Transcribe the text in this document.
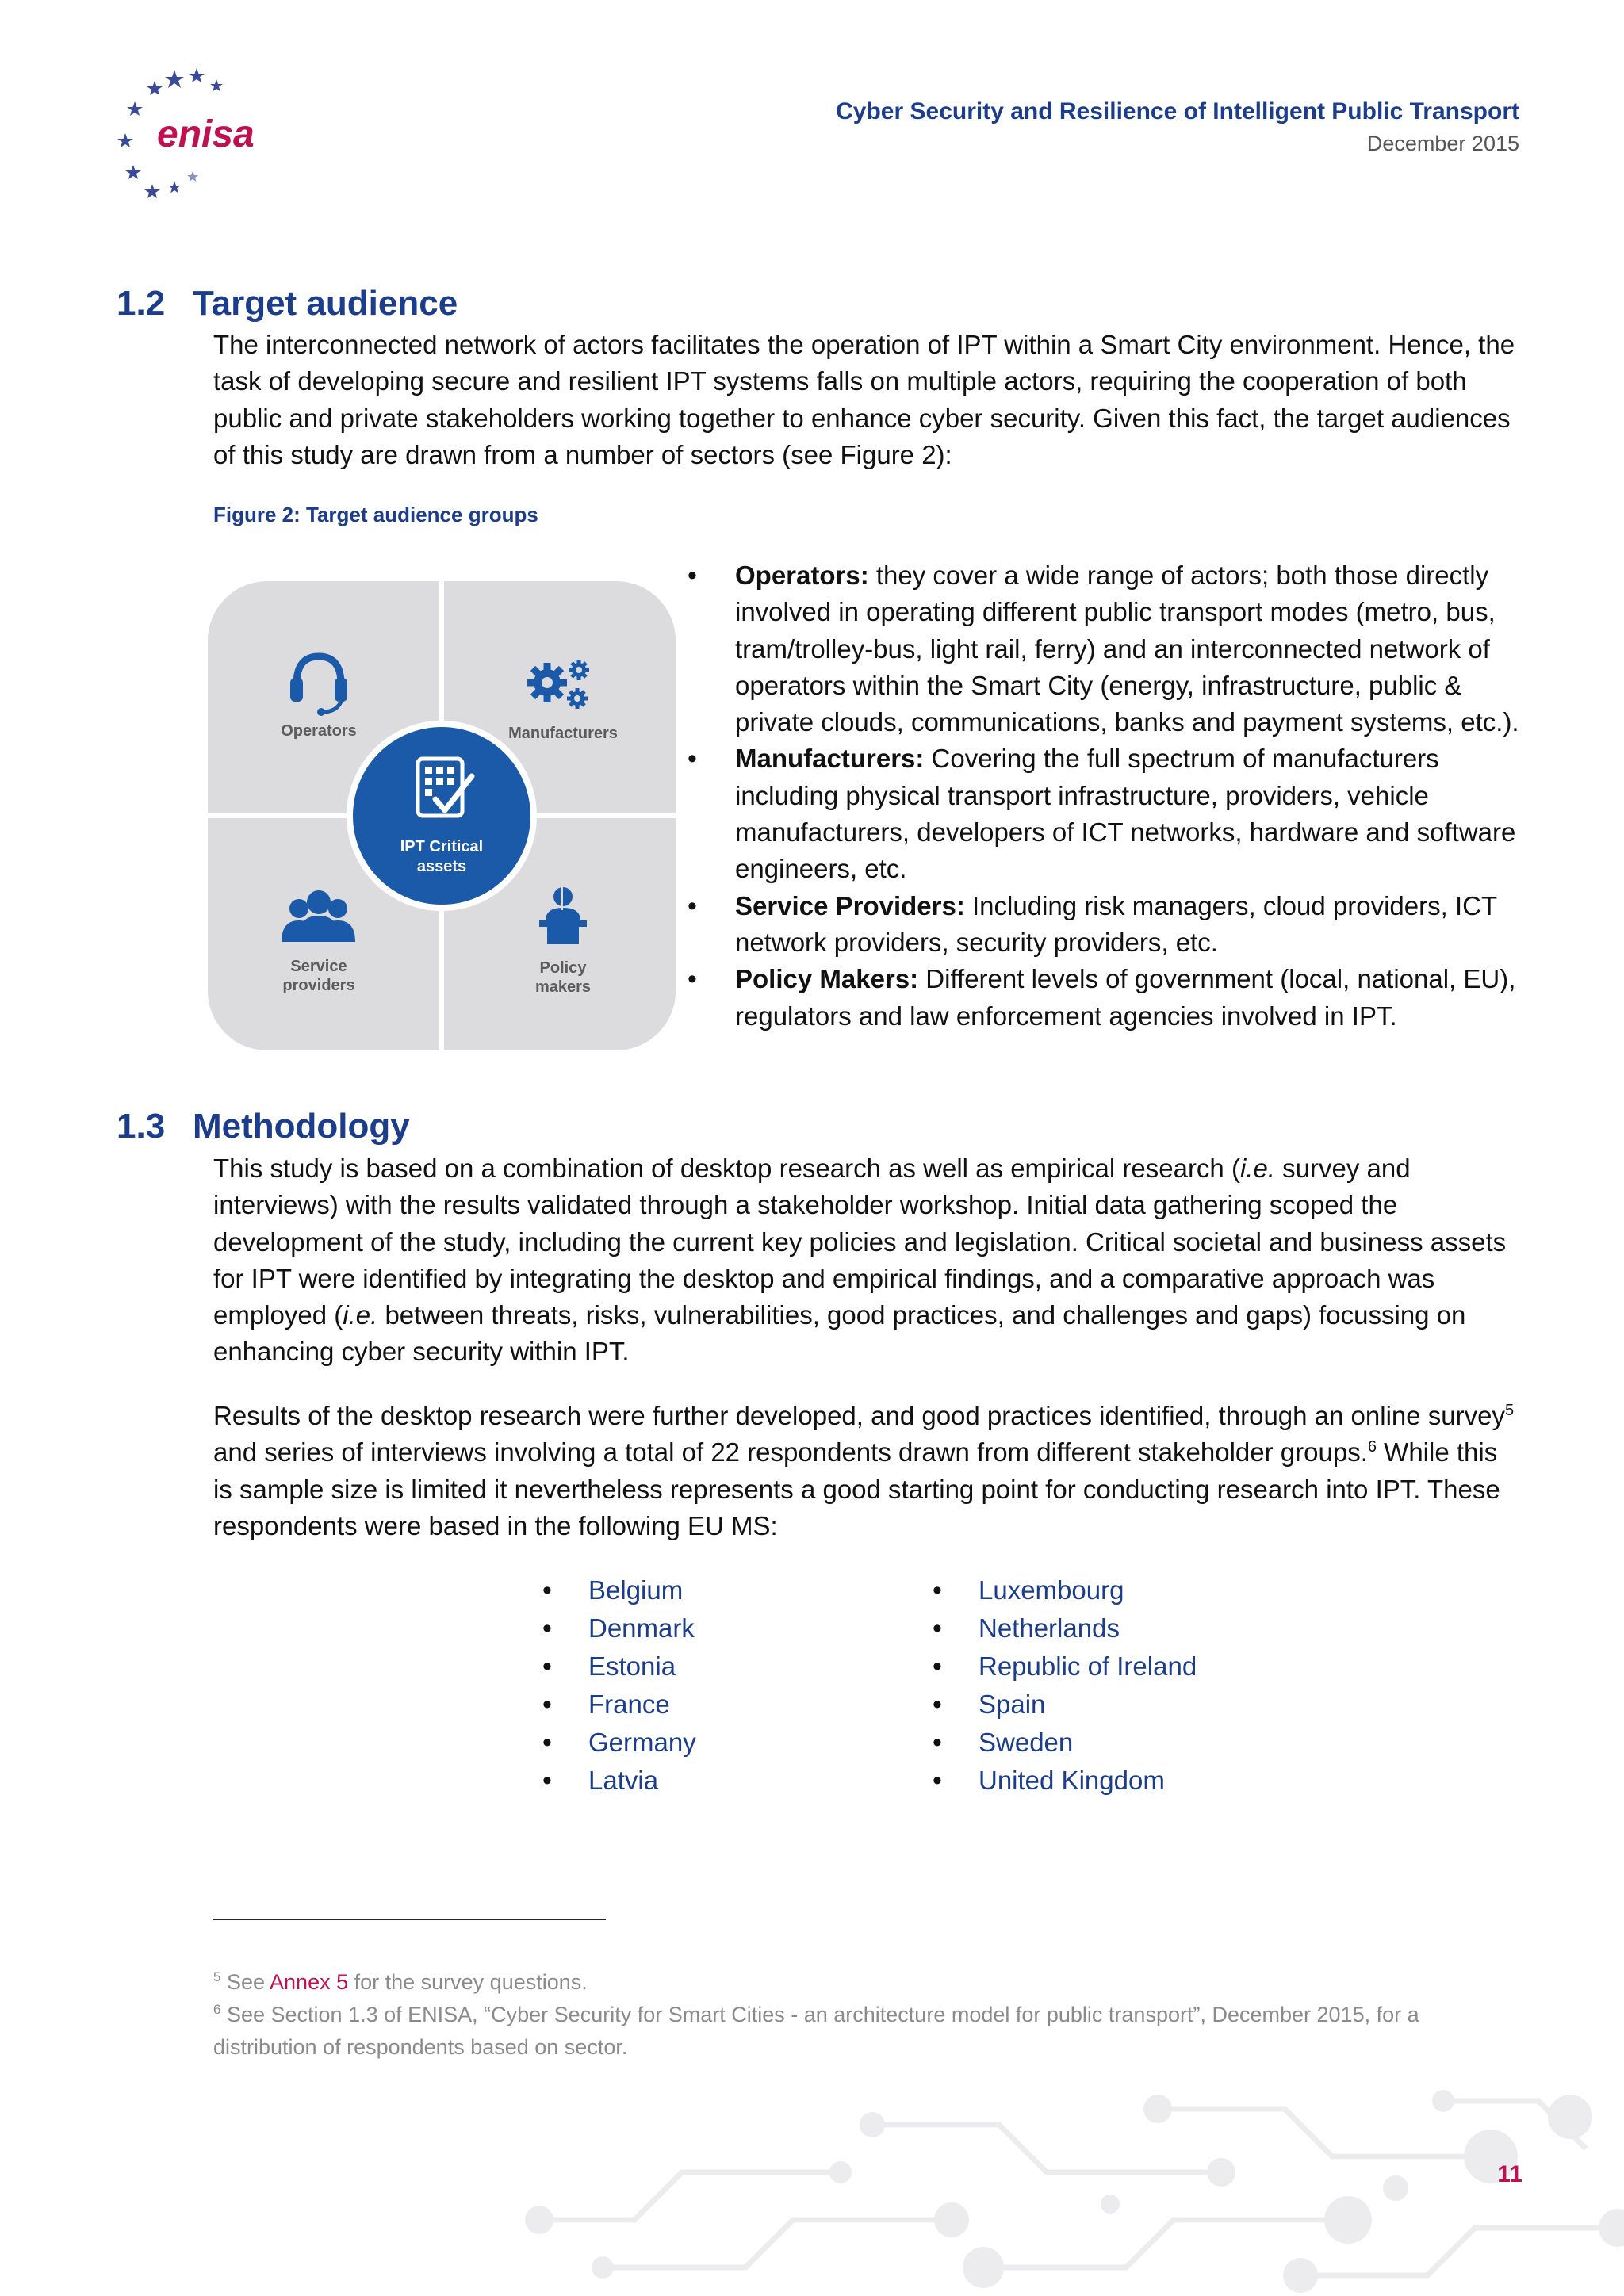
enisa
Cyber Security and Resilience of Intelligent Public Transport
December 2015
1.2 Target audience
The interconnected network of actors facilitates the operation of IPT within a Smart City environment. Hence, the task of developing secure and resilient IPT systems falls on multiple actors, requiring the cooperation of both public and private stakeholders working together to enhance cyber security. Given this fact, the target audiences of this study are drawn from a number of sectors (see Figure 2):
Figure 2: Target audience groups
Operators	Manufacturers
Service
providers
Policy
makers
IPT Critical
assets
• Operators: they cover a wide range of actors; both those directly involved in operating different public transport modes (metro, bus, tram/trolley-bus, light rail, ferry) and an interconnected network of operators within the Smart City (energy, infrastructure, public & private clouds, communications, banks and payment systems, etc.).
• Manufacturers: Covering the full spectrum of manufacturers including physical transport infrastructure, providers, vehicle manufacturers, developers of ICT networks, hardware and software engineers, etc.
• Service Providers: Including risk managers, cloud providers, ICT network providers, security providers, etc.
• Policy Makers: Different levels of government (local, national, EU), regulators and law enforcement agencies involved in IPT.
1.3 Methodology
This study is based on a combination of desktop research as well as empirical research (i.e. survey and interviews) with the results validated through a stakeholder workshop. Initial data gathering scoped the development of the study, including the current key policies and legislation. Critical societal and business assets for IPT were identified by integrating the desktop and empirical findings, and a comparative approach was employed (i.e. between threats, risks, vulnerabilities, good practices, and challenges and gaps) focussing on enhancing cyber security within IPT.
Results of the desktop research were further developed, and good practices identified, through an online survey$^5$ and series of interviews involving a total of 22 respondents drawn from different stakeholder groups.$^6$ While this is sample size is limited it nevertheless represents a good starting point for conducting research into IPT. These respondents were based in the following EU MS:
• Belgium
• Denmark
• Estonia
• France
• Germany
• Latvia
• Luxembourg
• Netherlands
• Republic of Ireland
• Spain
• Sweden
• United Kingdom
$^5$ See Annex 5 for the survey questions.
$^6$ See Section 1.3 of ENISA, “Cyber Security for Smart Cities - an architecture model for public transport”, December 2015, for a distribution of respondents based on sector.
11
